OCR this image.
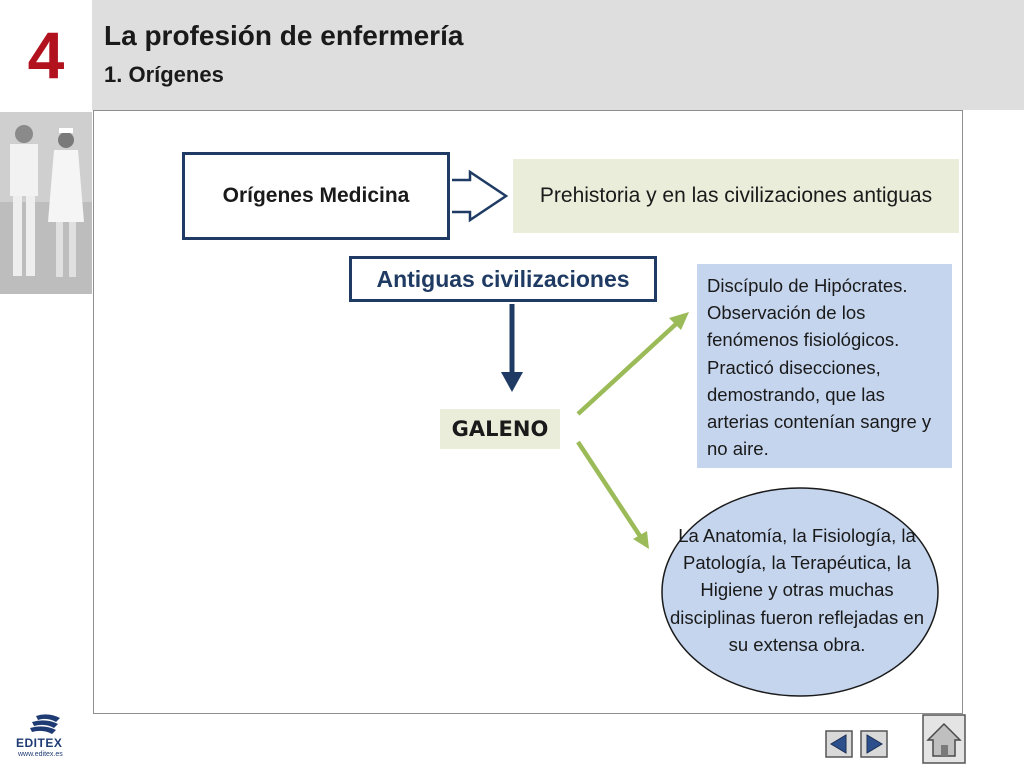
4	La profesión de enfermería
1. Orígenes
Orígenes Medicina	Prehistoria y en las civilizaciones antiguas
Antiguas civilizaciones
GALENO
Discípulo de Hipócrates. Observación de los fenómenos fisiológicos. Practicó disecciones, demostrando, que las arterias contenían sangre y no aire.
La Anatomía, la Fisiología, la Patología, la Terapéutica, la Higiene y otras muchas disciplinas fueron reflejadas en su extensa obra.
EDITEX
www.editex.es
